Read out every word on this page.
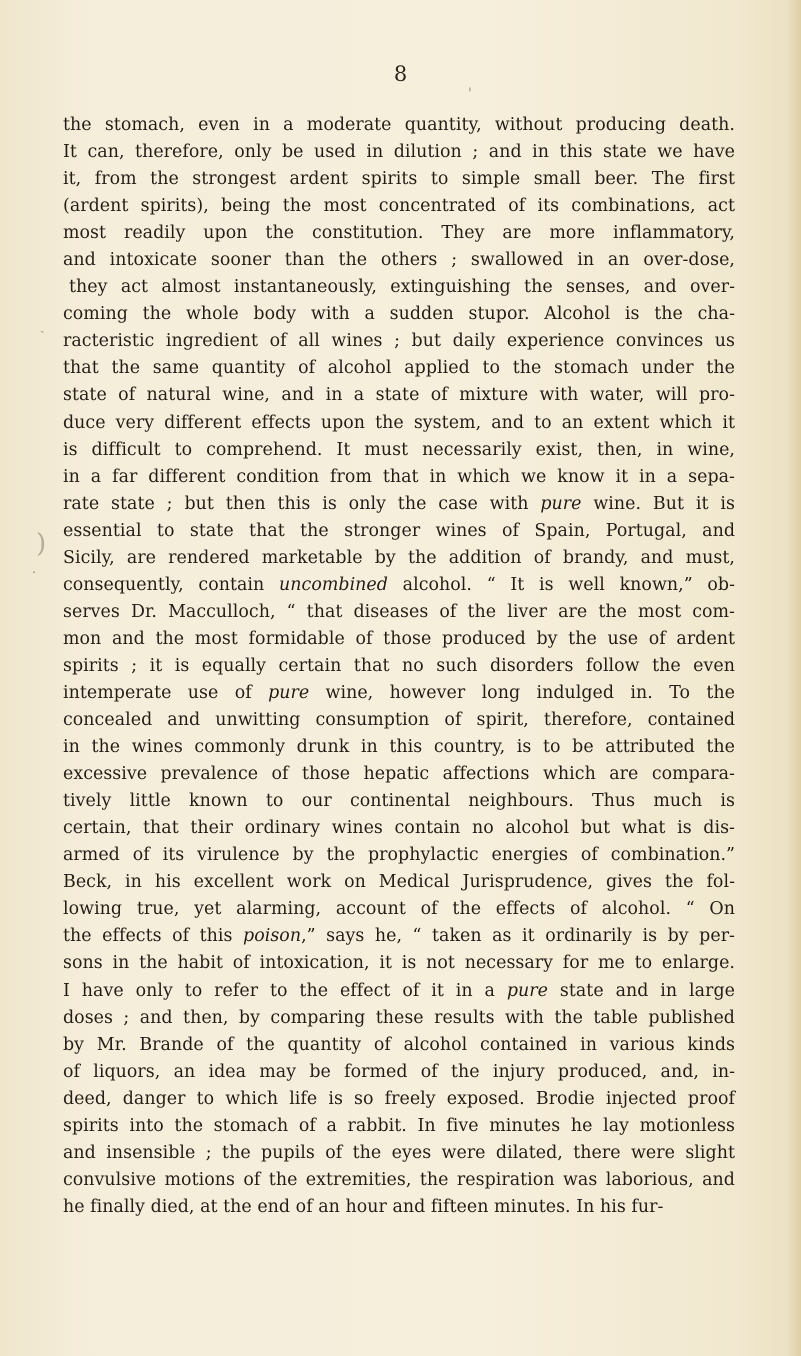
8
'
ˎ
)
.
the stomach, even in a moderate quantity, without producing death.
It can, therefore, only be used in dilution ; and in this state we have
it, from the strongest ardent spirits to simple small beer. The first
(ardent spirits), being the most concentrated of its combinations, act
most readily upon the constitution. They are more inflammatory,
and intoxicate sooner than the others ; swallowed in an over-dose,
they act almost instantaneously, extinguishing the senses, and over-
coming the whole body with a sudden stupor. Alcohol is the cha-
racteristic ingredient of all wines ; but daily experience convinces us
that the same quantity of alcohol applied to the stomach under the
state of natural wine, and in a state of mixture with water, will pro-
duce very different effects upon the system, and to an extent which it
is difficult to comprehend. It must necessarily exist, then, in wine,
in a far different condition from that in which we know it in a sepa-
rate state ; but then this is only the case with pure wine. But it is
essential to state that the stronger wines of Spain, Portugal, and
Sicily, are rendered marketable by the addition of brandy, and must,
consequently, contain uncombined alcohol. “ It is well known,” ob-
serves Dr. Macculloch, “ that diseases of the liver are the most com-
mon and the most formidable of those produced by the use of ardent
spirits ; it is equally certain that no such disorders follow the even
intemperate use of pure wine, however long indulged in. To the
concealed and unwitting consumption of spirit, therefore, contained
in the wines commonly drunk in this country, is to be attributed the
excessive prevalence of those hepatic affections which are compara-
tively little known to our continental neighbours. Thus much is
certain, that their ordinary wines contain no alcohol but what is dis-
armed of its virulence by the prophylactic energies of combination.”
Beck, in his excellent work on Medical Jurisprudence, gives the fol-
lowing true, yet alarming, account of the effects of alcohol. “ On
the effects of this poison,” says he, “ taken as it ordinarily is by per-
sons in the habit of intoxication, it is not necessary for me to enlarge.
I have only to refer to the effect of it in a pure state and in large
doses ; and then, by comparing these results with the table published
by Mr. Brande of the quantity of alcohol contained in various kinds
of liquors, an idea may be formed of the injury produced, and, in-
deed, danger to which life is so freely exposed. Brodie injected proof
spirits into the stomach of a rabbit. In five minutes he lay motionless
and insensible ; the pupils of the eyes were dilated, there were slight
convulsive motions of the extremities, the respiration was laborious, and
he finally died, at the end of an hour and fifteen minutes. In his fur-
